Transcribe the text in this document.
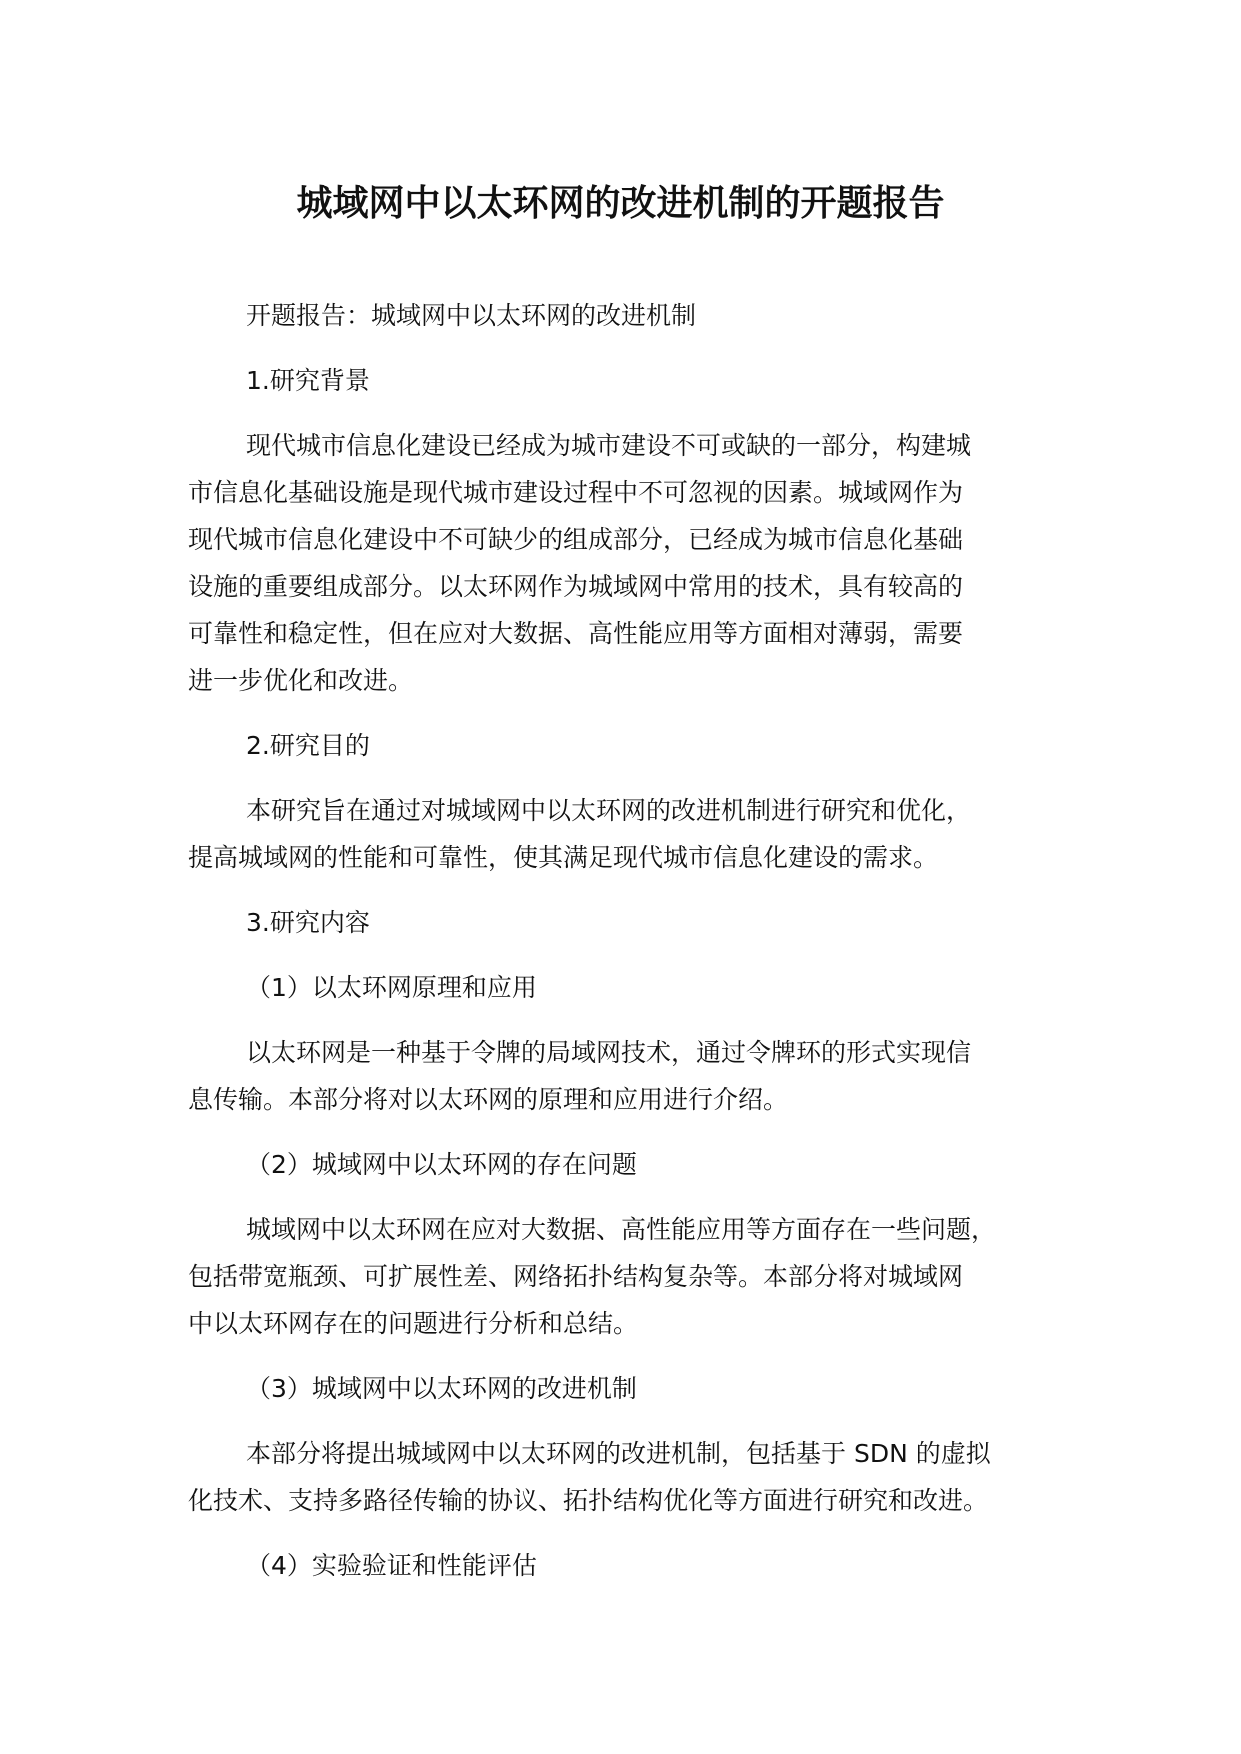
城域网中以太环网的改进机制的开题报告
开题报告：城域网中以太环网的改进机制
1.研究背景
现代城市信息化建设已经成为城市建设不可或缺的一部分，构建城
市信息化基础设施是现代城市建设过程中不可忽视的因素。城域网作为
现代城市信息化建设中不可缺少的组成部分，已经成为城市信息化基础
设施的重要组成部分。以太环网作为城域网中常用的技术，具有较高的
可靠性和稳定性，但在应对大数据、高性能应用等方面相对薄弱，需要
进一步优化和改进。
2.研究目的
本研究旨在通过对城域网中以太环网的改进机制进行研究和优化，
提高城域网的性能和可靠性，使其满足现代城市信息化建设的需求。
3.研究内容
（1）以太环网原理和应用
以太环网是一种基于令牌的局域网技术，通过令牌环的形式实现信
息传输。本部分将对以太环网的原理和应用进行介绍。
（2）城域网中以太环网的存在问题
城域网中以太环网在应对大数据、高性能应用等方面存在一些问题，
包括带宽瓶颈、可扩展性差、网络拓扑结构复杂等。本部分将对城域网
中以太环网存在的问题进行分析和总结。
（3）城域网中以太环网的改进机制
本部分将提出城域网中以太环网的改进机制，包括基于 SDN 的虚拟
化技术、支持多路径传输的协议、拓扑结构优化等方面进行研究和改进。
（4）实验验证和性能评估
